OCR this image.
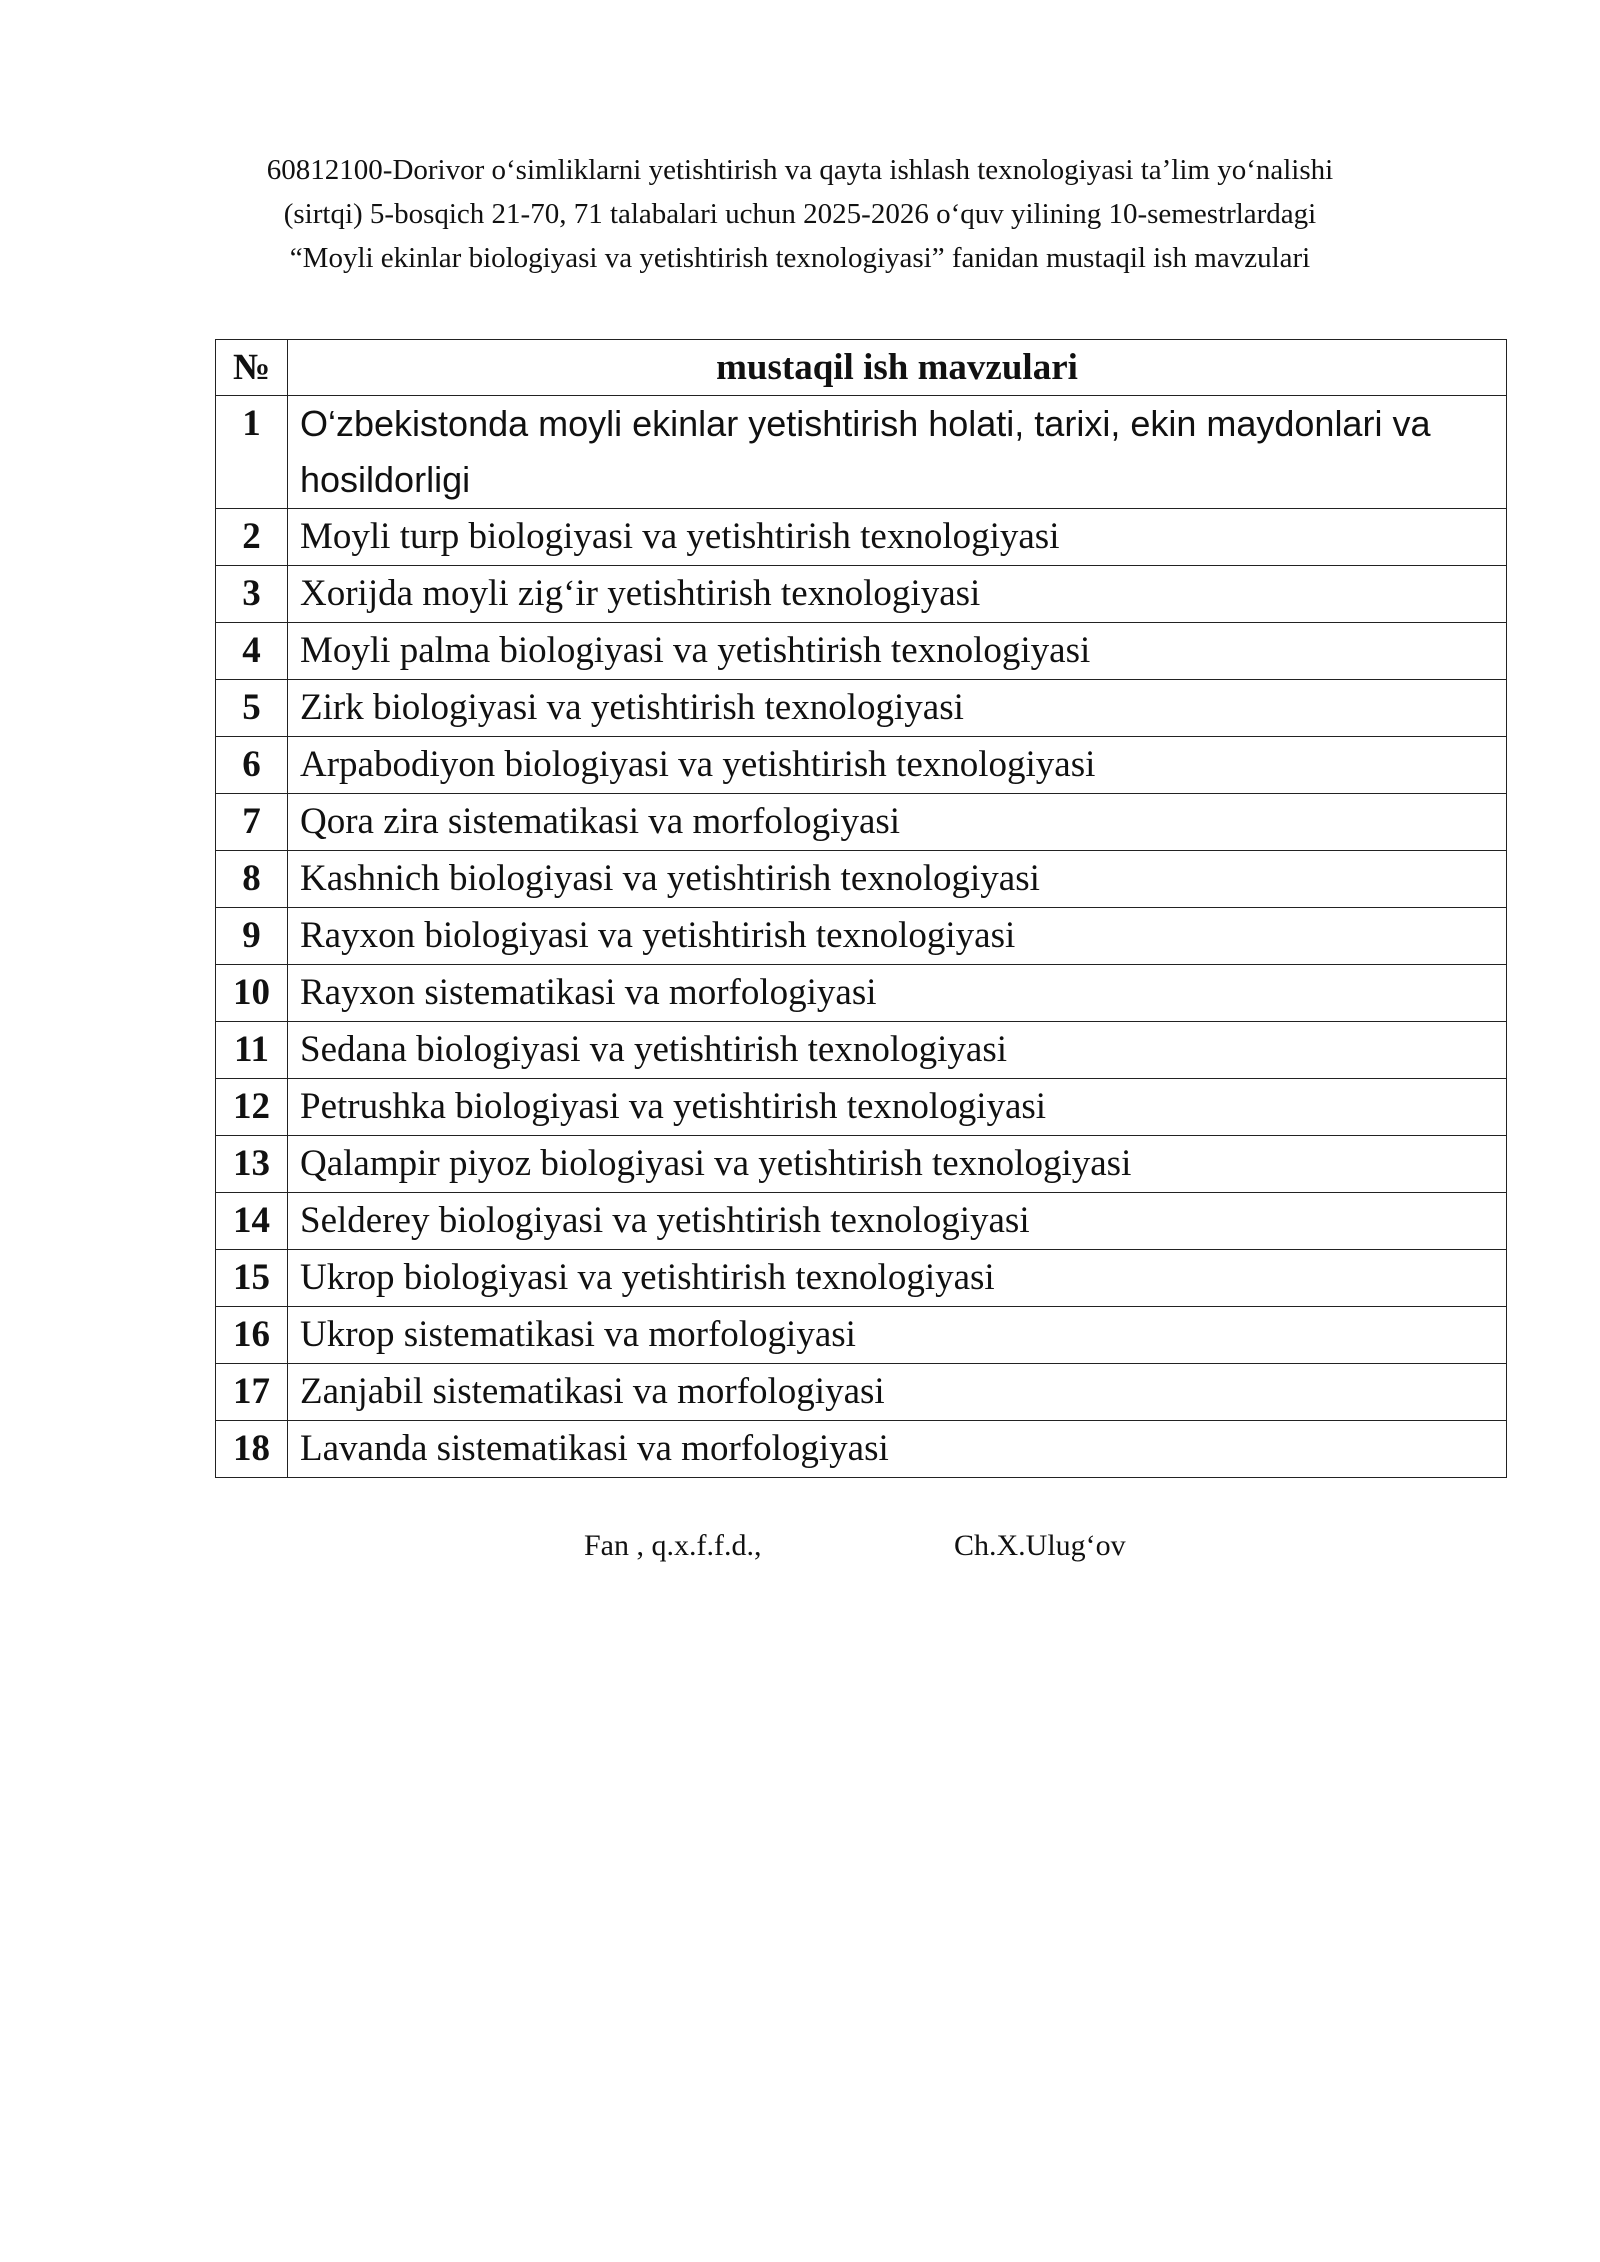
60812100-Dorivor o‘simliklarni yetishtirish va qayta ishlash texnologiyasi ta’lim yo‘nalishi
(sirtqi) 5-bosqich 21-70, 71 talabalari uchun 2025-2026 o‘quv yilining 10-semestrlardagi
“Moyli ekinlar biologiyasi va yetishtirish texnologiyasi” fanidan mustaqil ish mavzulari
№	mustaqil ish mavzulari
1	O‘zbekistonda moyli ekinlar yetishtirish holati, tarixi, ekin maydonlari va hosildorligi
2	Moyli turp biologiyasi va yetishtirish texnologiyasi
3	Xorijda moyli zig‘ir yetishtirish texnologiyasi
4	Moyli palma biologiyasi va yetishtirish texnologiyasi
5	Zirk biologiyasi va yetishtirish texnologiyasi
6	Arpabodiyon biologiyasi va yetishtirish texnologiyasi
7	Qora zira sistematikasi va morfologiyasi
8	Kashnich biologiyasi va yetishtirish texnologiyasi
9	Rayxon biologiyasi va yetishtirish texnologiyasi
10	Rayxon sistematikasi va morfologiyasi
11	Sedana biologiyasi va yetishtirish texnologiyasi
12	Petrushka biologiyasi va yetishtirish texnologiyasi
13	Qalampir piyoz biologiyasi va yetishtirish texnologiyasi
14	Selderey biologiyasi va yetishtirish texnologiyasi
15	Ukrop biologiyasi va yetishtirish texnologiyasi
16	Ukrop sistematikasi va morfologiyasi
17	Zanjabil sistematikasi va morfologiyasi
18	Lavanda sistematikasi va morfologiyasi
Fan , q.x.f.f.d.,	Ch.X.Ulug‘ov
